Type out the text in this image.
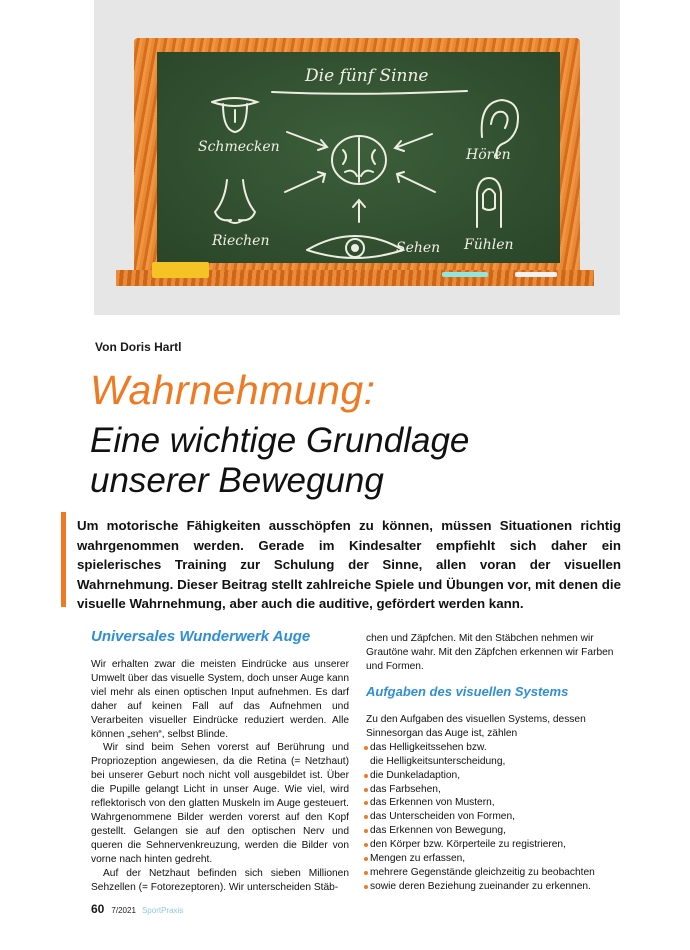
Die fünf Sinne
Schmecken	Hören
Riechen	Sehen Fühlen
Von Doris Hartl
Wahrnehmung:
Eine wichtige Grundlage
unserer Bewegung
Um motorische Fähigkeiten ausschöpfen zu können, müssen Situationen richtig wahrgenommen werden. Gerade im Kindesalter empfiehlt sich daher ein spielerisches Training zur Schulung der Sinne, allen voran der visuellen Wahrnehmung. Dieser Beitrag stellt zahlreiche Spiele und Übungen vor, mit denen die visuelle Wahrnehmung, aber auch die auditive, gefördert werden kann.
Universales Wunderwerk Auge

Wir erhalten zwar die meisten Eindrücke aus unserer Umwelt über das visuelle System, doch unser Auge kann viel mehr als einen optischen Input aufnehmen. Es darf daher auf keinen Fall auf das Aufnehmen und Verarbeiten visueller Eindrücke reduziert werden. Alle können „sehen“, selbst Blinde.

Wir sind beim Sehen vorerst auf Berührung und Propriozeption angewiesen, da die Retina (= Netzhaut) bei unserer Geburt noch nicht voll ausgebildet ist. Über die Pupille gelangt Licht in unser Auge. Wie viel, wird reflektorisch von den glatten Muskeln im Auge gesteuert. Wahrgenommene Bilder werden vorerst auf den Kopf gestellt. Gelangen sie auf den optischen Nerv und queren die Sehnervenkreuzung, werden die Bilder von vorne nach hinten gedreht.

Auf der Netzhaut befinden sich sieben Millionen Sehzellen (= Fotorezeptoren). Wir unterscheiden Stäb-

chen und Zäpfchen. Mit den Stäbchen nehmen wir Grautöne wahr. Mit den Zäpfchen erkennen wir Farben und Formen.

Aufgaben des visuellen Systems

Zu den Aufgaben des visuellen Systems, dessen Sinnesorgan das Auge ist, zählen

das Helligkeitssehen bzw.
die Helligkeitsunterscheidung,
die Dunkeladaption,
das Farbsehen,
das Erkennen von Mustern,
das Unterscheiden von Formen,
das Erkennen von Bewegung,
den Körper bzw. Körperteile zu registrieren,
Mengen zu erfassen,
mehrere Gegenstände gleichzeitig zu beobachten
sowie deren Beziehung zueinander zu erkennen.
60 7/2021 SportPraxis
